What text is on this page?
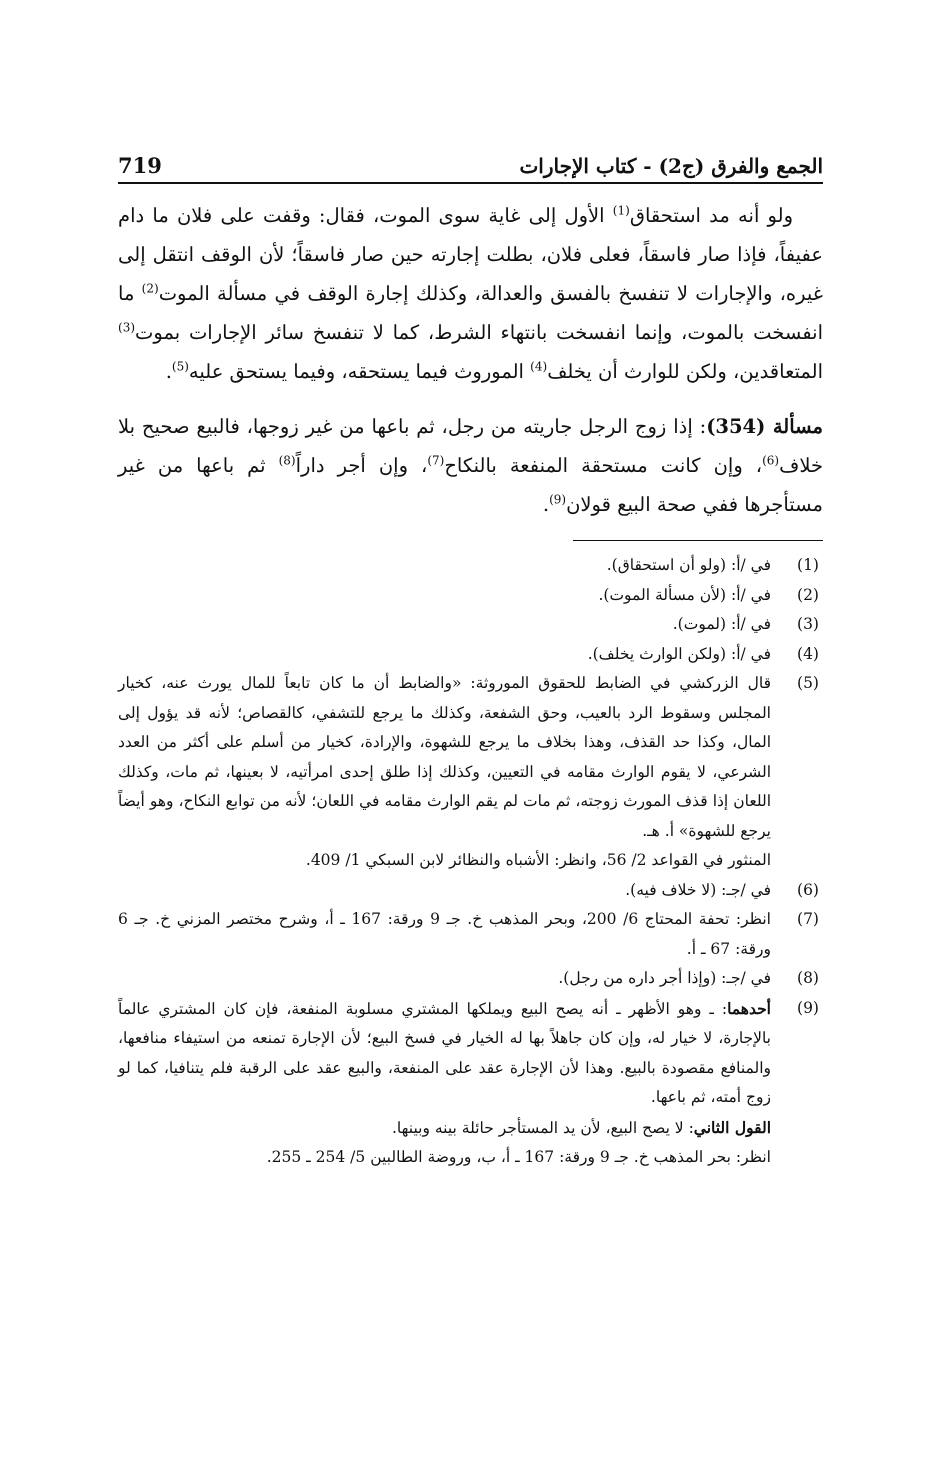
الجمع والفرق (ج2) - كتاب الإجارات
719

ولو أنه مد استحقاق$^{(1)}$ الأول إلى غاية سوى الموت، فقال: وقفت على فلان ما دام عفيفاً، فإذا صار فاسقاً، فعلى فلان، بطلت إجارته حين صار فاسقاً؛ لأن الوقف انتقل إلى غيره، والإجارات لا تنفسخ بالفسق والعدالة، وكذلك إجارة الوقف في مسألة الموت$^{(2)}$ ما انفسخت بالموت، وإنما انفسخت بانتهاء الشرط، كما لا تنفسخ سائر الإجارات بموت$^{(3)}$ المتعاقدين، ولكن للوارث أن يخلف$^{(4)}$ الموروث فيما يستحقه، وفيما يستحق عليه$^{(5)}$.

مسألة (354): إذا زوج الرجل جاريته من رجل، ثم باعها من غير زوجها، فالبيع صحيح بلا خلاف$^{(6)}$، وإن كانت مستحقة المنفعة بالنكاح$^{(7)}$، وإن أجر داراً$^{(8)}$ ثم باعها من غير مستأجرها ففي صحة البيع قولان$^{(9)}$.

(1)
في /أ: (ولو أن استحقاق).
(2)
في /أ: (لأن مسألة الموت).
(3)
في /أ: (لموت).
(4)
في /أ: (ولكن الوارث يخلف).
(5)
قال الزركشي في الضابط للحقوق الموروثة: «والضابط أن ما كان تابعاً للمال يورث عنه، كخيار المجلس وسقوط الرد بالعيب، وحق الشفعة، وكذلك ما يرجع للتشفي، كالقصاص؛ لأنه قد يؤول إلى المال، وكذا حد القذف، وهذا بخلاف ما يرجع للشهوة، والإرادة، كخيار من أسلم على أكثر من العدد الشرعي، لا يقوم الوارث مقامه في التعيين، وكذلك إذا طلق إحدى امرأتيه، لا بعينها، ثم مات، وكذلك اللعان إذا قذف المورث زوجته، ثم مات لم يقم الوارث مقامه في اللعان؛ لأنه من توابع النكاح، وهو أيضاً يرجع للشهوة» أ. هـ.
المنثور في القواعد 2/ 56، وانظر: الأشباه والنظائر لابن السبكي 1/ 409.
(6)
في /جـ: (لا خلاف فيه).
(7)
انظر: تحفة المحتاج 6/ 200، وبحر المذهب خ. جـ 9 ورقة: 167 ـ أ، وشرح مختصر المزني خ. جـ 6 ورقة: 67 ـ أ.
(8)
في /جـ: (وإذا أجر داره من رجل).
(9)
أحدهما: ـ وهو الأظهر ـ أنه يصح البيع ويملكها المشتري مسلوبة المنفعة، فإن كان المشتري عالماً بالإجارة، لا خيار له، وإن كان جاهلاً بها له الخيار في فسخ البيع؛ لأن الإجارة تمنعه من استيفاء منافعها، والمنافع مقصودة بالبيع. وهذا لأن الإجارة عقد على المنفعة، والبيع عقد على الرقبة فلم يتنافيا، كما لو زوج أمته، ثم باعها.
القول الثاني: لا يصح البيع، لأن يد المستأجر حائلة بينه وبينها.
انظر: بحر المذهب خ. جـ 9 ورقة: 167 ـ أ، ب، وروضة الطالبين 5/ 254 ـ 255.
